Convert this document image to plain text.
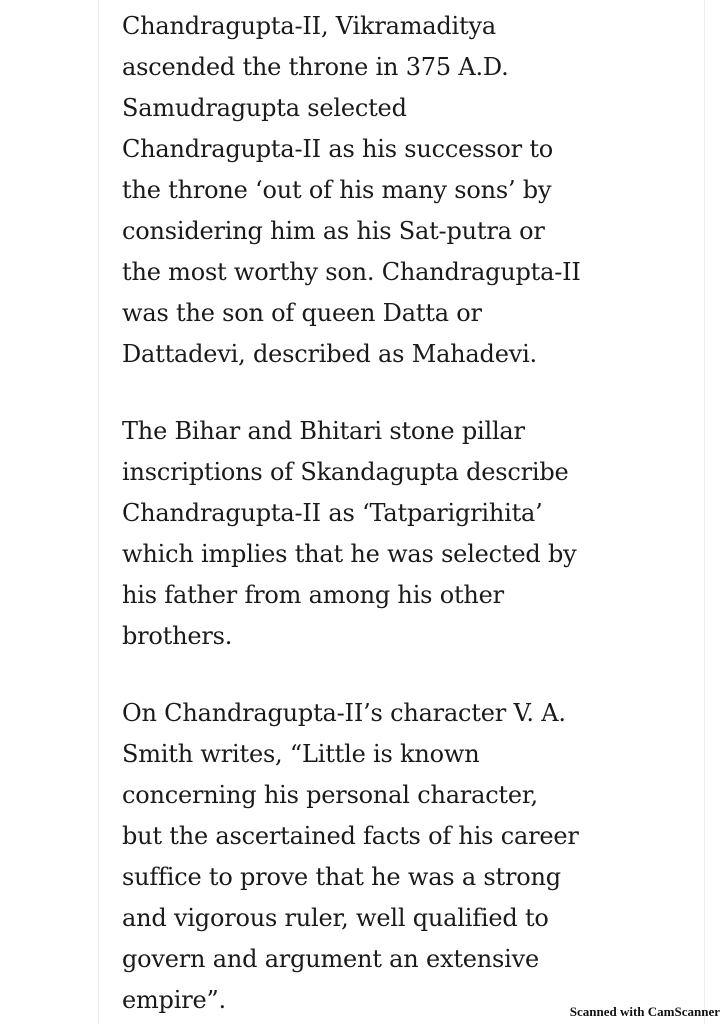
Chandragupta-II, Vikramaditya
ascended the throne in 375 A.D.
Samudragupta selected
Chandragupta-II as his successor to
the throne ‘out of his many sons’ by
considering him as his Sat-putra or
the most worthy son. Chandragupta-II
was the son of queen Datta or
Dattadevi, described as Mahadevi.

The Bihar and Bhitari stone pillar
inscriptions of Skandagupta describe
Chandragupta-II as ‘Tatparigrihita’
which implies that he was selected by
his father from among his other
brothers.

On Chandragupta-II’s character V. A.
Smith writes, “Little is known
concerning his personal character,
but the ascertained facts of his career
suffice to prove that he was a strong
and vigorous ruler, well qualified to
govern and argument an extensive
empire”.	Scanned with CamScanner
